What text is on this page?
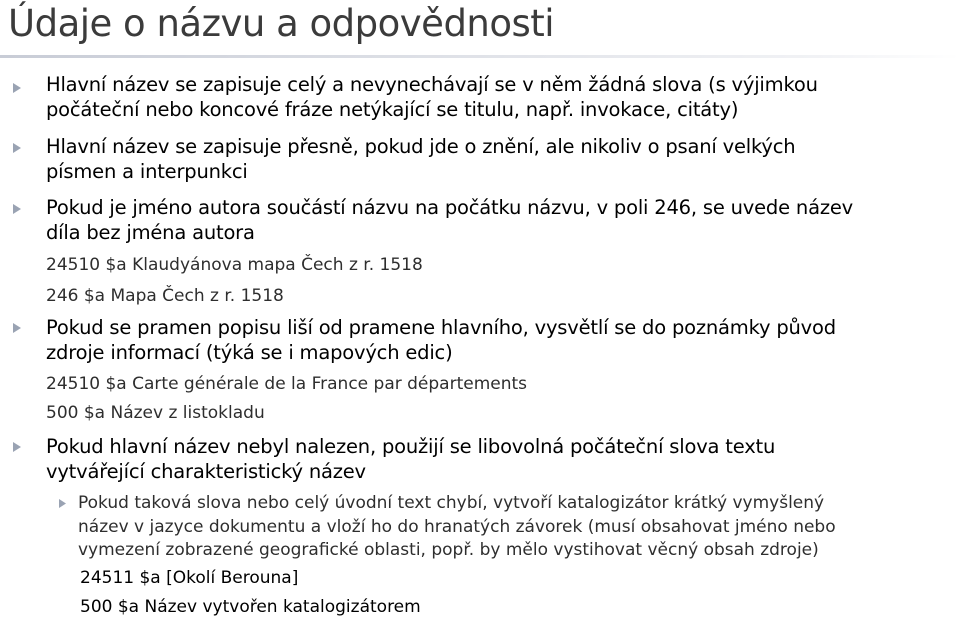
Údaje o názvu a odpovědnosti
Hlavní název se zapisuje celý a nevynechávají se v něm žádná slova (s výjimkou
počáteční nebo koncové fráze netýkající se titulu, např. invokace, citáty)
Hlavní název se zapisuje přesně, pokud jde o znění, ale nikoliv o psaní velkých
písmen a interpunkci
Pokud je jméno autora součástí názvu na počátku názvu, v poli 246, se uvede název
díla bez jména autora
24510 $a Klaudyánova mapa Čech z r. 1518
246 $a Mapa Čech z r. 1518
Pokud se pramen popisu liší od pramene hlavního, vysvětlí se do poznámky původ
zdroje informací (týká se i mapových edic)
24510 $a Carte générale de la France par départements
500 $a Název z listokladu
Pokud hlavní název nebyl nalezen, použijí se libovolná počáteční slova textu
vytvářející charakteristický název
Pokud taková slova nebo celý úvodní text chybí, vytvoří katalogizátor krátký vymyšlený
název v jazyce dokumentu a vloží ho do hranatých závorek (musí obsahovat jméno nebo
vymezení zobrazené geografické oblasti, popř. by mělo vystihovat věcný obsah zdroje)
24511 $a [Okolí Berouna]
500 $a Název vytvořen katalogizátorem
